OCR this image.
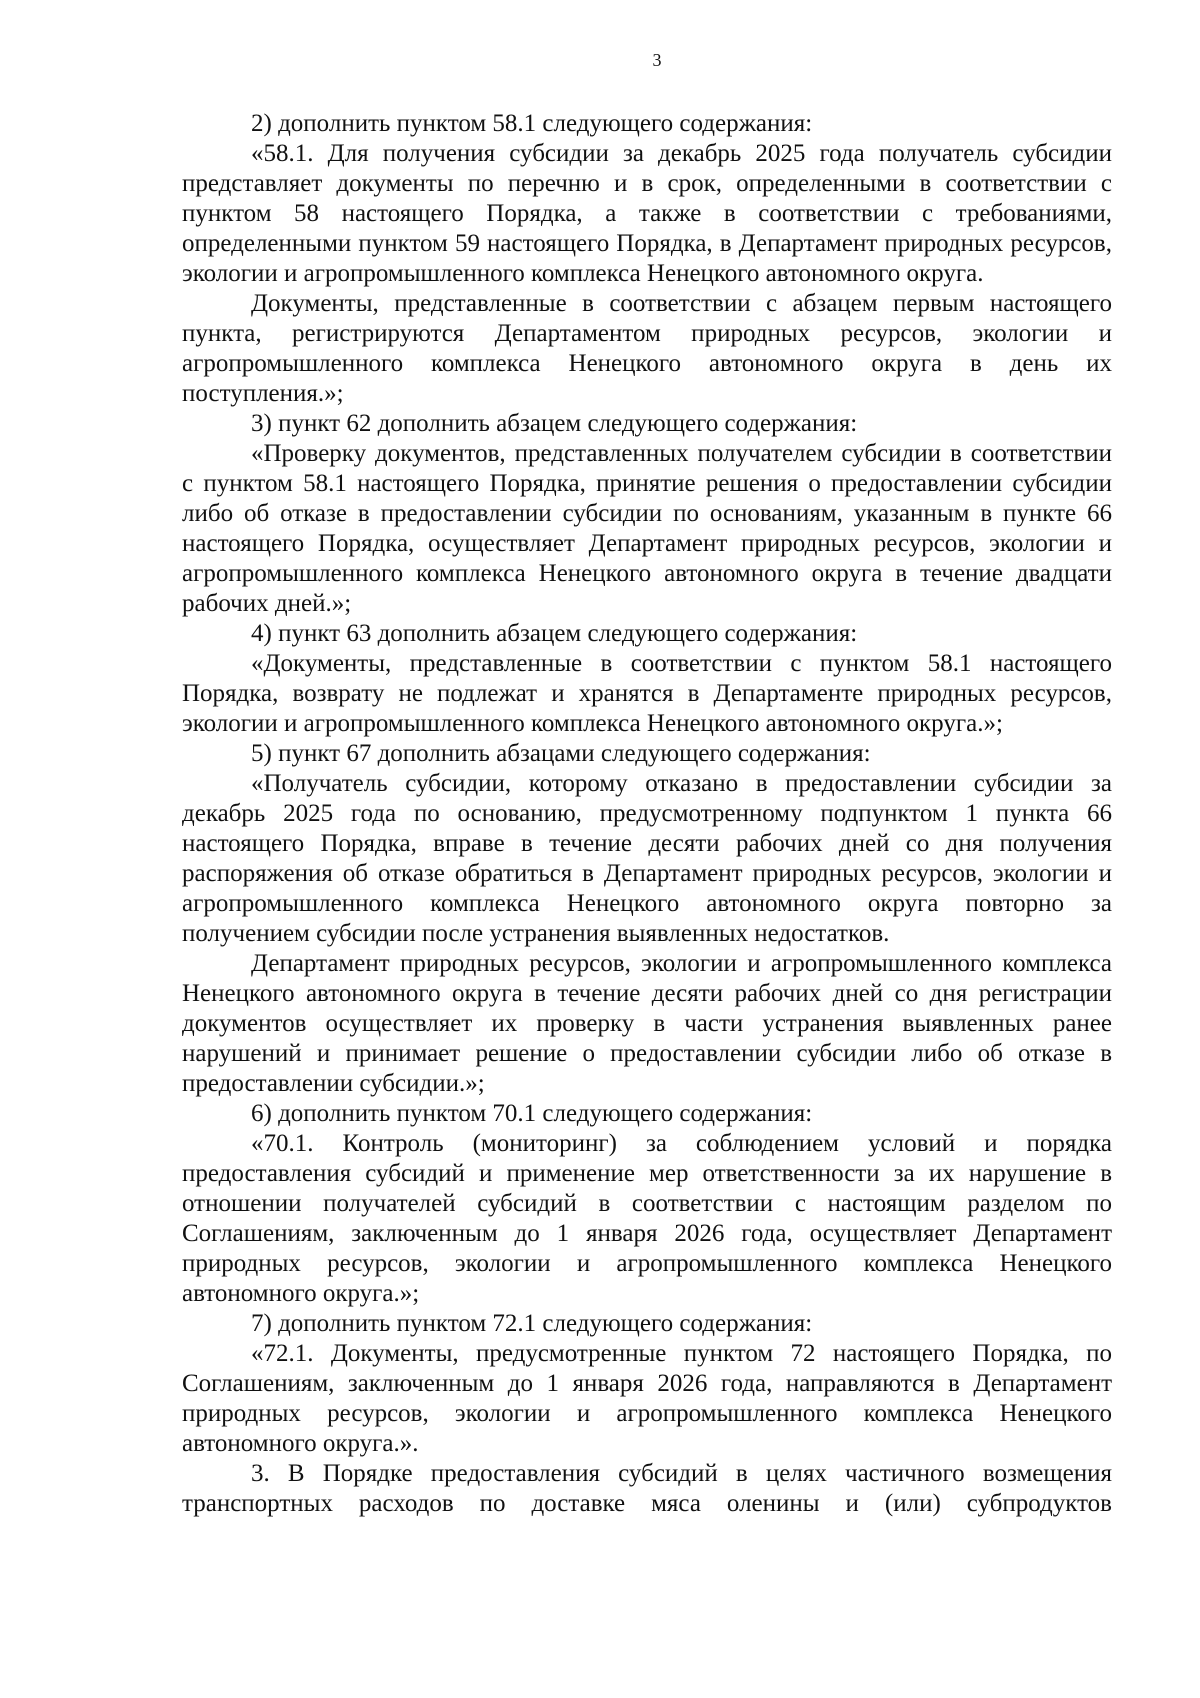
3

2) дополнить пунктом 58.1 следующего содержания:

«58.1. Для получения субсидии за декабрь 2025 года получатель субсидии представляет документы по перечню и в срок, определенными в соответствии с пунктом 58 настоящего Порядка, а также в соответствии с требованиями, определенными пунктом 59 настоящего Порядка, в Департамент природных ресурсов, экологии и агропромышленного комплекса Ненецкого автономного округа.

Документы, представленные в соответствии с абзацем первым настоящего пункта, регистрируются Департаментом природных ресурсов, экологии и агропромышленного комплекса Ненецкого автономного округа в день их поступления.»;

3) пункт 62 дополнить абзацем следующего содержания:

«Проверку документов, представленных получателем субсидии в соответствии с пунктом 58.1 настоящего Порядка, принятие решения о предоставлении субсидии либо об отказе в предоставлении субсидии по основаниям, указанным в пункте 66 настоящего Порядка, осуществляет Департамент природных ресурсов, экологии и агропромышленного комплекса Ненецкого автономного округа в течение двадцати рабочих дней.»;

4) пункт 63 дополнить абзацем следующего содержания:

«Документы, представленные в соответствии с пунктом 58.1 настоящего Порядка, возврату не подлежат и хранятся в Департаменте природных ресурсов, экологии и агропромышленного комплекса Ненецкого автономного округа.»;

5) пункт 67 дополнить абзацами следующего содержания:

«Получатель субсидии, которому отказано в предоставлении субсидии за декабрь 2025 года по основанию, предусмотренному подпунктом 1 пункта 66 настоящего Порядка, вправе в течение десяти рабочих дней со дня получения распоряжения об отказе обратиться в Департамент природных ресурсов, экологии и агропромышленного комплекса Ненецкого автономного округа повторно за получением субсидии после устранения выявленных недостатков.

Департамент природных ресурсов, экологии и агропромышленного комплекса Ненецкого автономного округа в течение десяти рабочих дней со дня регистрации документов осуществляет их проверку в части устранения выявленных ранее нарушений и принимает решение о предоставлении субсидии либо об отказе в предоставлении субсидии.»;

6) дополнить пунктом 70.1 следующего содержания:

«70.1. Контроль (мониторинг) за соблюдением условий и порядка предоставления субсидий и применение мер ответственности за их нарушение в отношении получателей субсидий в соответствии с настоящим разделом по Соглашениям, заключенным до 1 января 2026 года, осуществляет Департамент природных ресурсов, экологии и агропромышленного комплекса Ненецкого автономного округа.»;

7) дополнить пунктом 72.1 следующего содержания:

«72.1. Документы, предусмотренные пунктом 72 настоящего Порядка, по Соглашениям, заключенным до 1 января 2026 года, направляются в Департамент природных ресурсов, экологии и агропромышленного комплекса Ненецкого автономного округа.».

3. В Порядке предоставления субсидий в целях частичного возмещения транспортных расходов по доставке мяса оленины и (или) субпродуктов
